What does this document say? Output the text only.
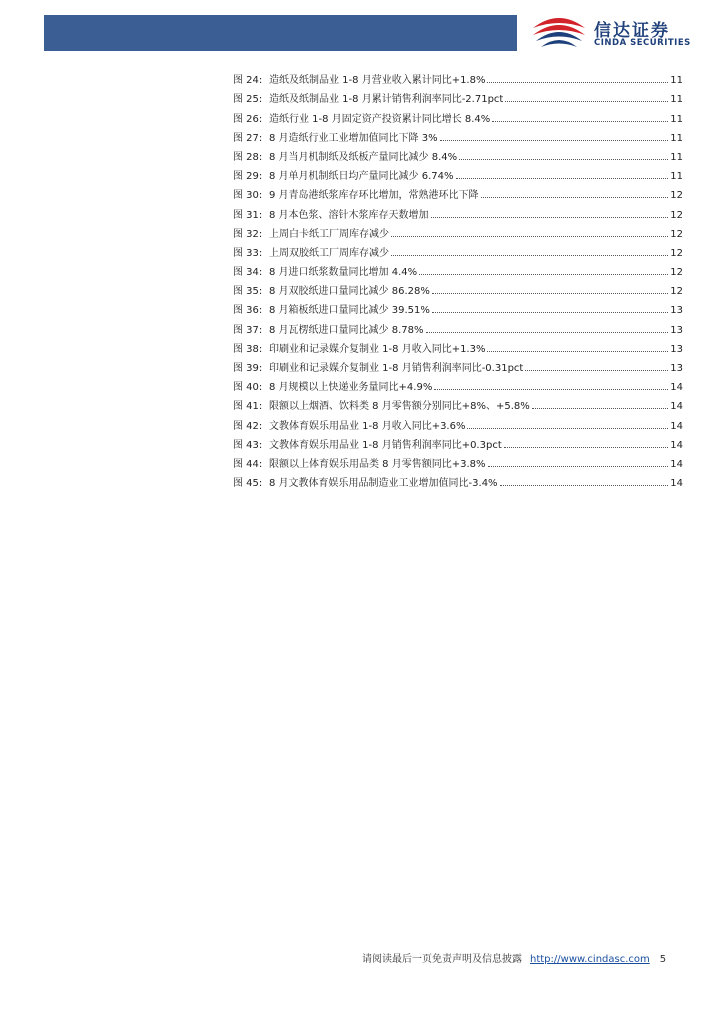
信达证券
CINDA SECURITIES
图 24: 造纸及纸制品业 1-8 月营业收入累计同比+1.8%	11
图 25: 造纸及纸制品业 1-8 月累计销售利润率同比-2.71pct	11
图 26: 造纸行业 1-8 月固定资产投资累计同比增长 8.4%	11
图 27: 8 月造纸行业工业增加值同比下降 3%	11
图 28: 8 月当月机制纸及纸板产量同比减少 8.4%	11
图 29: 8 月单月机制纸日均产量同比减少 6.74%	11
图 30: 9 月青岛港纸浆库存环比增加，常熟港环比下降	12
图 31: 8 月本色浆、溶针木浆库存天数增加	12
图 32: 上周白卡纸工厂周库存减少	12
图 33: 上周双胶纸工厂周库存减少	12
图 34: 8 月进口纸浆数量同比增加 4.4%	12
图 35: 8 月双胶纸进口量同比减少 86.28%	12
图 36: 8 月箱板纸进口量同比减少 39.51%	13
图 37: 8 月瓦楞纸进口量同比减少 8.78%	13
图 38: 印刷业和记录媒介复制业 1-8 月收入同比+1.3%	13
图 39: 印刷业和记录媒介复制业 1-8 月销售利润率同比-0.31pct	13
图 40: 8 月规模以上快递业务量同比+4.9%	14
图 41: 限额以上烟酒、饮料类 8 月零售额分别同比+8%、+5.8%	14
图 42: 文教体育娱乐用品业 1-8 月收入同比+3.6%	14
图 43: 文教体育娱乐用品业 1-8 月销售利润率同比+0.3pct	14
图 44: 限额以上体育娱乐用品类 8 月零售额同比+3.8%	14
图 45: 8 月文教体育娱乐用品制造业工业增加值同比-3.4%	14
请阅读最后一页免责声明及信息披露 http://www.cindasc.com 5
